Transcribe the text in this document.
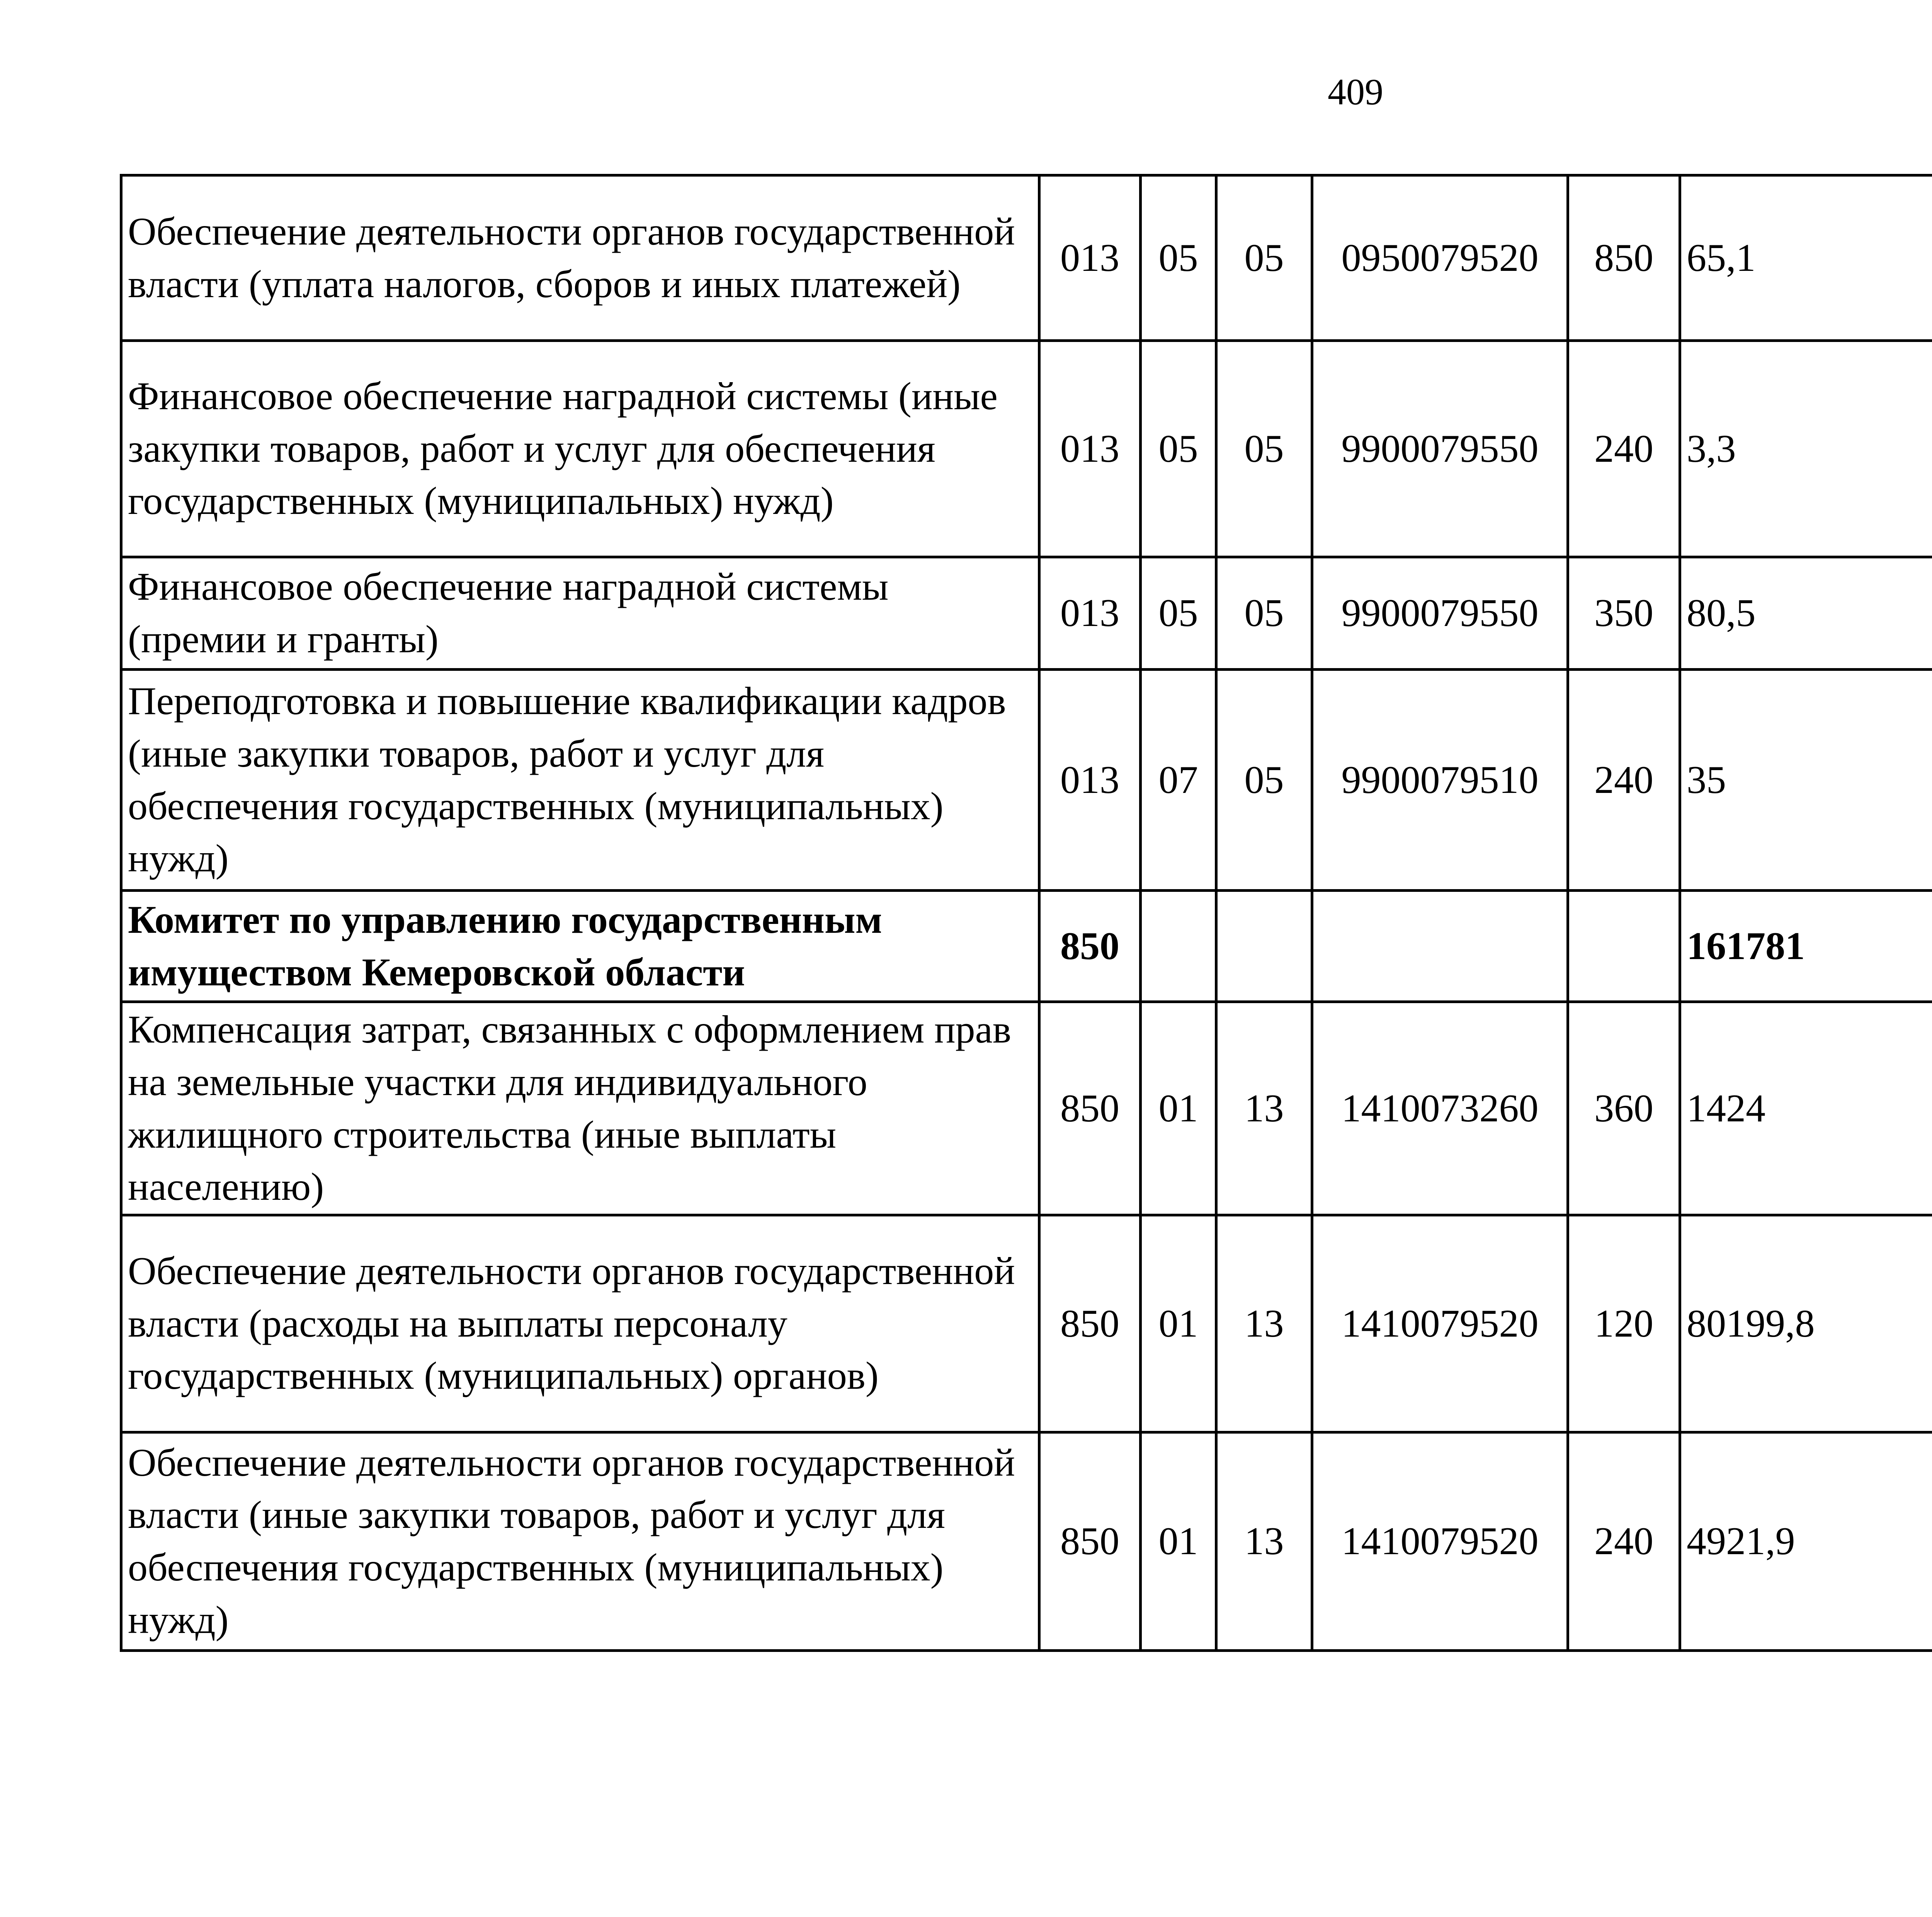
409
Обеспечение деятельности органов государственной власти (уплата налогов, сборов и иных платежей)	013	05	05	0950079520	850	65,1		
Финансовое обеспечение наградной системы (иные закупки товаров, работ и услуг для обеспечения государственных (муниципальных) нужд)	013	05	05	9900079550	240	3,3		
Финансовое обеспечение наградной системы (премии и гранты)	013	05	05	9900079550	350	80,5		
Переподготовка и повышение квалификации кадров (иные закупки товаров, работ и услуг для обеспечения государственных (муниципальных) нужд)	013	07	05	9900079510	240	35		
Комитет по управлению государственным имуществом Кемеровской области	850					161781		
Компенсация затрат, связанных с оформлением прав на земельные участки для индивидуального жилищного строительства (иные выплаты населению)	850	01	13	1410073260	360	1424		
Обеспечение деятельности органов государственной власти (расходы на выплаты персоналу государственных (муниципальных) органов)	850	01	13	1410079520	120	80199,8		
Обеспечение деятельности органов государственной власти (иные закупки товаров, работ и услуг для обеспечения государственных (муниципальных) нужд)	850	01	13	1410079520	240	4921,9		
